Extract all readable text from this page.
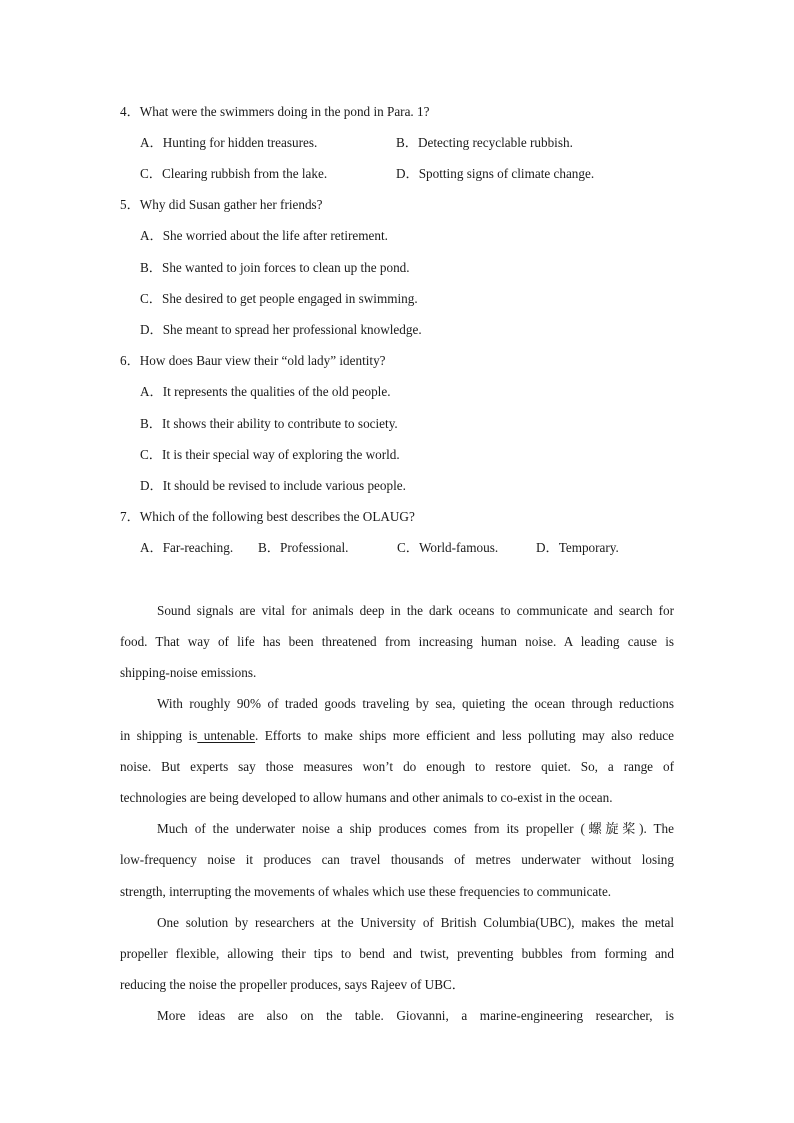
4．What were the swimmers doing in the pond in Para. 1?
A．Hunting for hidden treasures.	B．Detecting recyclable rubbish.
C．Clearing rubbish from the lake.	D．Spotting signs of climate change.
5．Why did Susan gather her friends?
A．She worried about the life after retirement.
B．She wanted to join forces to clean up the pond.
C．She desired to get people engaged in swimming.
D．She meant to spread her professional knowledge.
6．How does Baur view their “old lady” identity?
A．It represents the qualities of the old people.
B．It shows their ability to contribute to society.
C．It is their special way of exploring the world.
D．It should be revised to include various people.
7．Which of the following best describes the OLAUG?
A．Far-reaching. B．Professional.	C．World-famous.	D．Temporary.
Sound signals are vital for animals deep in the dark oceans to communicate and search for
food. That way of life has been threatened from increasing human noise. A leading cause is
shipping-noise emissions.
With roughly 90% of traded goods traveling by sea, quieting the ocean through reductions
in shipping is untenable. Efforts to make ships more efficient and less polluting may also reduce
noise. But experts say those measures won’t do enough to restore quiet. So, a range of
technologies are being developed to allow humans and other animals to co-exist in the ocean.
Much of the underwater noise a ship produces comes from its propeller (螺旋桨). The
low-frequency noise it produces can travel thousands of metres underwater without losing
strength, interrupting the movements of whales which use these frequencies to communicate.
One solution by researchers at the University of British Columbia(UBC), makes the metal
propeller flexible, allowing their tips to bend and twist, preventing bubbles from forming and
reducing the noise the propeller produces, says Rajeev of UBC．
More ideas are also on the table. Giovanni, a marine-engineering researcher, is
